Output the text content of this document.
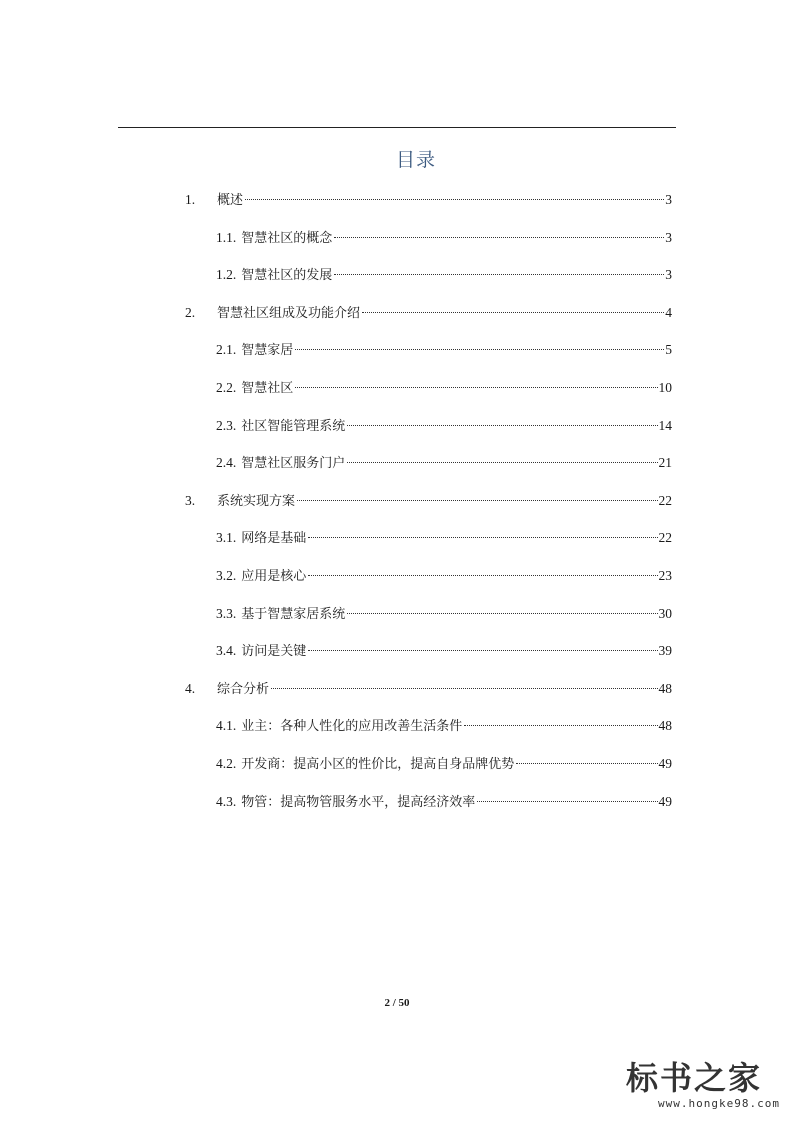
目录
1.	概述	3
1.1. 智慧社区的概念	3
1.2. 智慧社区的发展	3
2.	智慧社区组成及功能介绍	4
2.1. 智慧家居	5
2.2. 智慧社区	10
2.3. 社区智能管理系统	14
2.4. 智慧社区服务门户	21
3.	系统实现方案	22
3.1. 网络是基础	22
3.2. 应用是核心	23
3.3. 基于智慧家居系统	30
3.4. 访问是关键	39
4.	综合分析	48
4.1. 业主：各种人性化的应用改善生活条件	48
4.2. 开发商：提高小区的性价比，提高自身品牌优势	49
4.3. 物管：提高物管服务水平，提高经济效率	49
2 / 50
标书之家
www.hongke98.com
